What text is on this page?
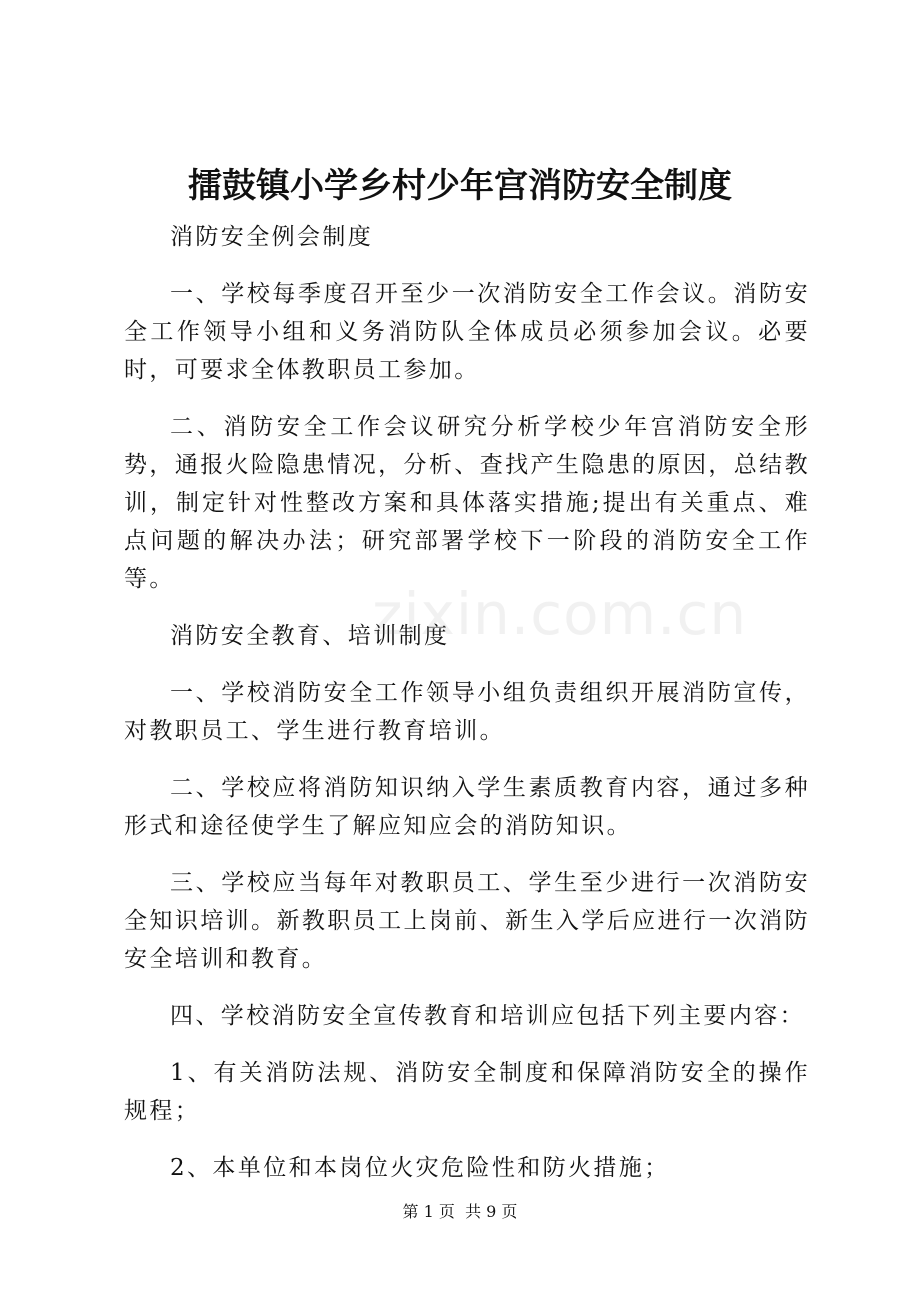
擂鼓镇小学乡村少年宫消防安全制度

消防安全例会制度

一、学校每季度召开至少一次消防安全工作会议。消防安全工作领导小组和义务消防队全体成员必须参加会议。必要时，可要求全体教职员工参加。

二、消防安全工作会议研究分析学校少年宫消防安全形势，通报火险隐患情况，分析、查找产生隐患的原因，总结教训，制定针对性整改方案和具体落实措施;提出有关重点、难点问题的解决办法；研究部署学校下一阶段的消防安全工作等。

消防安全教育、培训制度

一、学校消防安全工作领导小组负责组织开展消防宣传，对教职员工、学生进行教育培训。

二、学校应将消防知识纳入学生素质教育内容，通过多种形式和途径使学生了解应知应会的消防知识。

三、学校应当每年对教职员工、学生至少进行一次消防安全知识培训。新教职员工上岗前、新生入学后应进行一次消防安全培训和教育。

四、学校消防安全宣传教育和培训应包括下列主要内容：

1、有关消防法规、消防安全制度和保障消防安全的操作规程；

2、本单位和本岗位火灾危险性和防火措施；

zixin.com.cn
第 1 页  共 9 页
